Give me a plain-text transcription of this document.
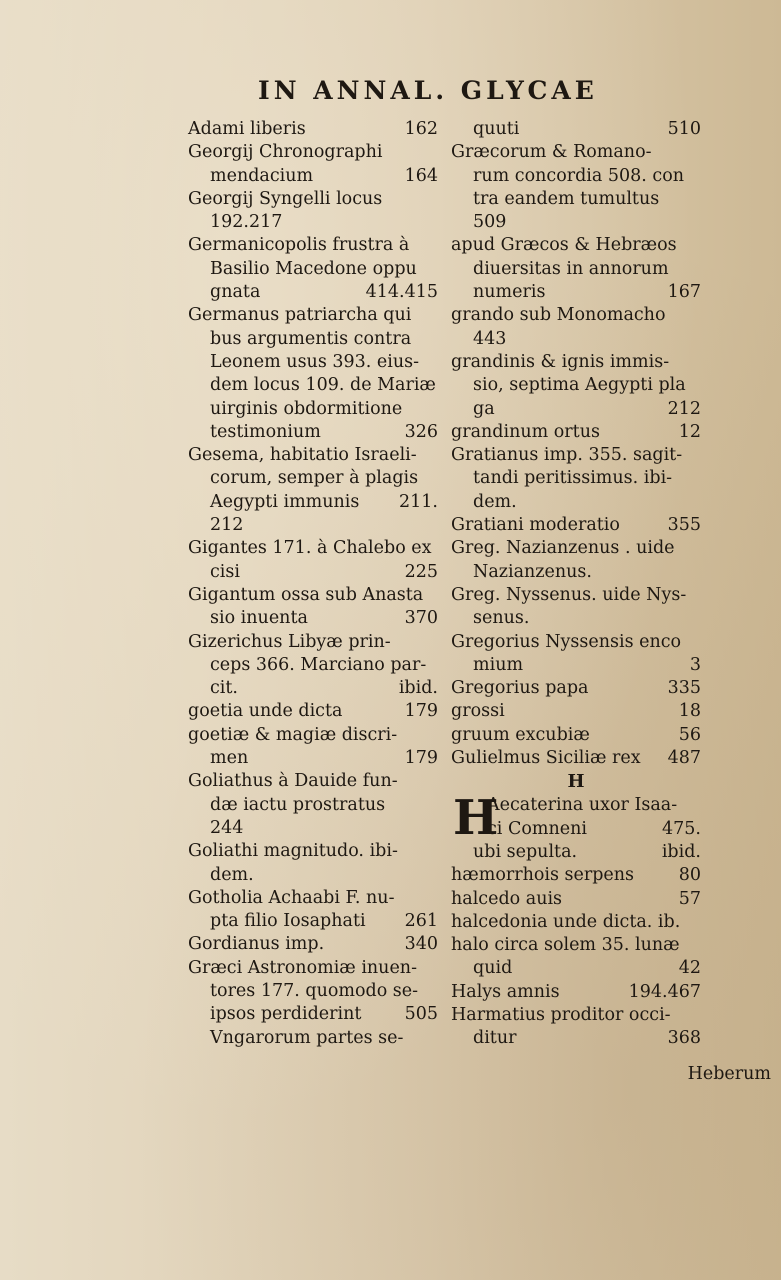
IN ANNAL. GLYCAE
Adami liberis	162
Georgij Chronographi
mendacium	164
Georgij Syngelli locus
192.217
Germanicopolis frustra à
Basilio Macedone oppu
gnata	414.415
Germanus patriarcha qui
bus argumentis contra
Leonem usus 393. eius-
dem locus 109. de Mariæ
uirginis obdormitione
testimonium	326
Gesema, habitatio Israeli-
corum, semper à plagis
Aegypti immunis 211.
212
Gigantes 171. à Chalebo ex
cisi	225
Gigantum ossa sub Anasta
sio inuenta	370
Gizerichus Libyæ prin-
ceps 366. Marciano par-
cit.	ibid.
goetia unde dicta	179
goetiæ & magiæ discri-
men	179
Goliathus à Dauide fun-
dæ iactu prostratus
244
Goliathi magnitudo. ibi-
dem.
Gotholia Achaabi F. nu-
pta filio Iosaphati 261
Gordianus imp.	340
Græci Astronomiæ inuen-
tores 177. quomodo se-
ipsos perdiderint 505
Vngarorum partes se-
quuti	510
Græcorum & Romano-
rum concordia 508. con
tra eandem tumultus
509
apud Græcos & Hebræos
diuersitas in annorum
numeris	167
grando sub Monomacho
443
grandinis & ignis immis-
sio, septima Aegypti pla
ga	212
grandinum ortus	12
Gratianus imp. 355. sagit-
tandi peritissimus. ibi-
dem.
Gratiani moderatio	355
Greg. Nazianzenus . uide
Nazianzenus.
Greg. Nyssenus. uide Nys-
senus.
Gregorius Nyssensis enco
mium	3
Gregorius papa	335
grossi	18
gruum excubiæ	56
Gulielmus Siciliæ rex 487
H
H
Aecaterina uxor Isaa-
ci Comneni	475.
ubi sepulta.	ibid.
hæmorrhois serpens	80
halcedo auis	57
halcedonia unde dicta. ib.
halo circa solem 35. lunæ
quid	42
Halys amnis	194.467
Harmatius proditor occi-
ditur	368
Heberum
